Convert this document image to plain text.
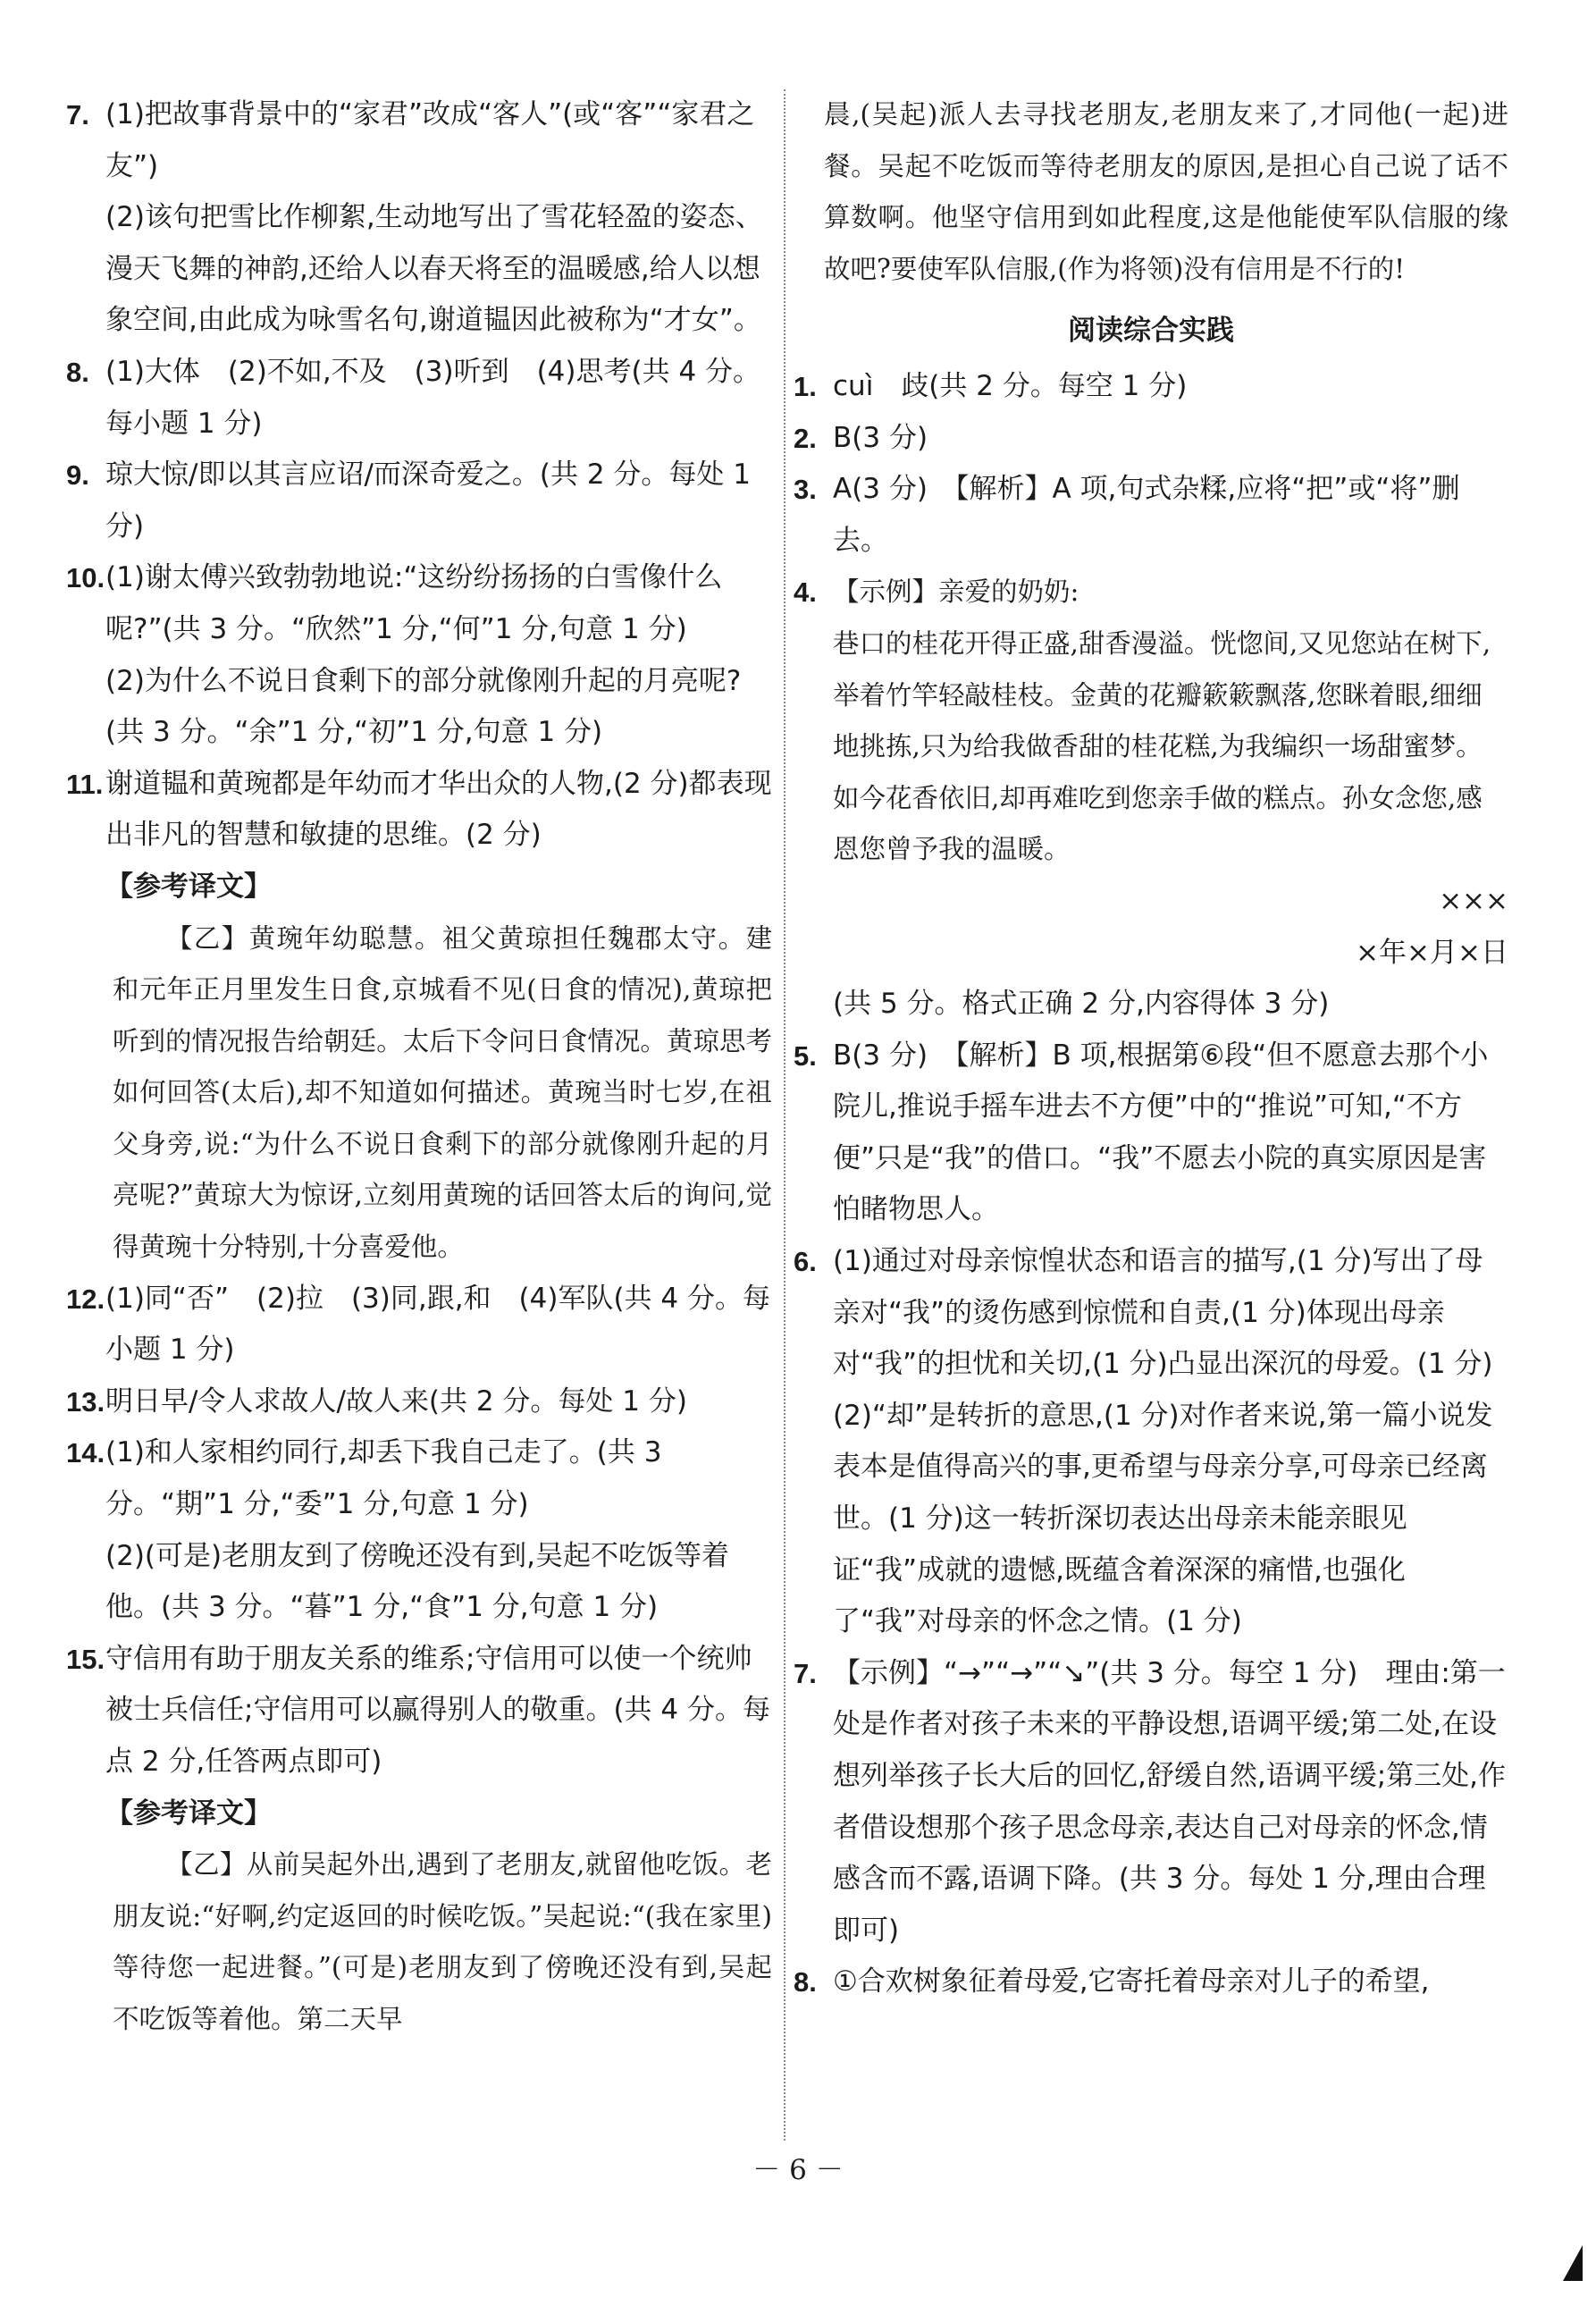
7. (1)把故事背景中的“家君”改成“客人”(或“客”“家君之友”)
(2)该句把雪比作柳絮,生动地写出了雪花轻盈的姿态、漫天飞舞的神韵,还给人以春天将至的温暖感,给人以想象空间,由此成为咏雪名句,谢道韫因此被称为“才女”。
8. (1)大体　(2)不如,不及　(3)听到　(4)思考(共 4 分。每小题 1 分)
9. 琼大惊/即以其言应诏/而深奇爱之。(共 2 分。每处 1 分)
10. (1)谢太傅兴致勃勃地说:“这纷纷扬扬的白雪像什么呢?”(共 3 分。“欣然”1 分,“何”1 分,句意 1 分)
(2)为什么不说日食剩下的部分就像刚升起的月亮呢?(共 3 分。“余”1 分,“初”1 分,句意 1 分)
11. 谢道韫和黄琬都是年幼而才华出众的人物,(2 分)都表现出非凡的智慧和敏捷的思维。(2 分)
【参考译文】
【乙】黄琬年幼聪慧。祖父黄琼担任魏郡太守。建和元年正月里发生日食,京城看不见(日食的情况),黄琼把听到的情况报告给朝廷。太后下令问日食情况。黄琼思考如何回答(太后),却不知道如何描述。黄琬当时七岁,在祖父身旁,说:“为什么不说日食剩下的部分就像刚升起的月亮呢?”黄琼大为惊讶,立刻用黄琬的话回答太后的询问,觉得黄琬十分特别,十分喜爱他。
12. (1)同“否”　(2)拉　(3)同,跟,和　(4)军队(共 4 分。每小题 1 分)
13. 明日早/令人求故人/故人来(共 2 分。每处 1 分)
14. (1)和人家相约同行,却丢下我自己走了。(共 3 分。“期”1 分,“委”1 分,句意 1 分)
(2)(可是)老朋友到了傍晚还没有到,吴起不吃饭等着他。(共 3 分。“暮”1 分,“食”1 分,句意 1 分)
15. 守信用有助于朋友关系的维系;守信用可以使一个统帅被士兵信任;守信用可以赢得别人的敬重。(共 4 分。每点 2 分,任答两点即可)
【参考译文】
【乙】从前吴起外出,遇到了老朋友,就留他吃饭。老朋友说:“好啊,约定返回的时候吃饭。”吴起说:“(我在家里)等待您一起进餐。”(可是)老朋友到了傍晚还没有到,吴起不吃饭等着他。第二天早
晨,(吴起)派人去寻找老朋友,老朋友来了,才同他(一起)进餐。吴起不吃饭而等待老朋友的原因,是担心自己说了话不算数啊。他坚守信用到如此程度,这是他能使军队信服的缘故吧?要使军队信服,(作为将领)没有信用是不行的!
阅读综合实践
1. cuì　歧(共 2 分。每空 1 分)
2. B(3 分)
3. A(3 分)　【解析】A 项,句式杂糅,应将“把”或“将”删去。
4. 【示例】亲爱的奶奶:
巷口的桂花开得正盛,甜香漫溢。恍惚间,又见您站在树下,举着竹竿轻敲桂枝。金黄的花瓣簌簌飘落,您眯着眼,细细地挑拣,只为给我做香甜的桂花糕,为我编织一场甜蜜梦。如今花香依旧,却再难吃到您亲手做的糕点。孙女念您,感恩您曾予我的温暖。
×××
×年×月×日
(共 5 分。格式正确 2 分,内容得体 3 分)
5. B(3 分)　【解析】B 项,根据第⑥段“但不愿意去那个小院儿,推说手摇车进去不方便”中的“推说”可知,“不方便”只是“我”的借口。“我”不愿去小院的真实原因是害怕睹物思人。
6. (1)通过对母亲惊惶状态和语言的描写,(1 分)写出了母亲对“我”的烫伤感到惊慌和自责,(1 分)体现出母亲对“我”的担忧和关切,(1 分)凸显出深沉的母爱。(1 分)
(2)“却”是转折的意思,(1 分)对作者来说,第一篇小说发表本是值得高兴的事,更希望与母亲分享,可母亲已经离世。(1 分)这一转折深切表达出母亲未能亲眼见证“我”成就的遗憾,既蕴含着深深的痛惜,也强化了“我”对母亲的怀念之情。(1 分)
7. 【示例】“→”“→”“↘”(共 3 分。每空 1 分)　理由:第一处是作者对孩子未来的平静设想,语调平缓;第二处,在设想列举孩子长大后的回忆,舒缓自然,语调平缓;第三处,作者借设想那个孩子思念母亲,表达自己对母亲的怀念,情感含而不露,语调下降。(共 3 分。每处 1 分,理由合理即可)
8. ①合欢树象征着母爱,它寄托着母亲对儿子的希望,
－ 6 －
